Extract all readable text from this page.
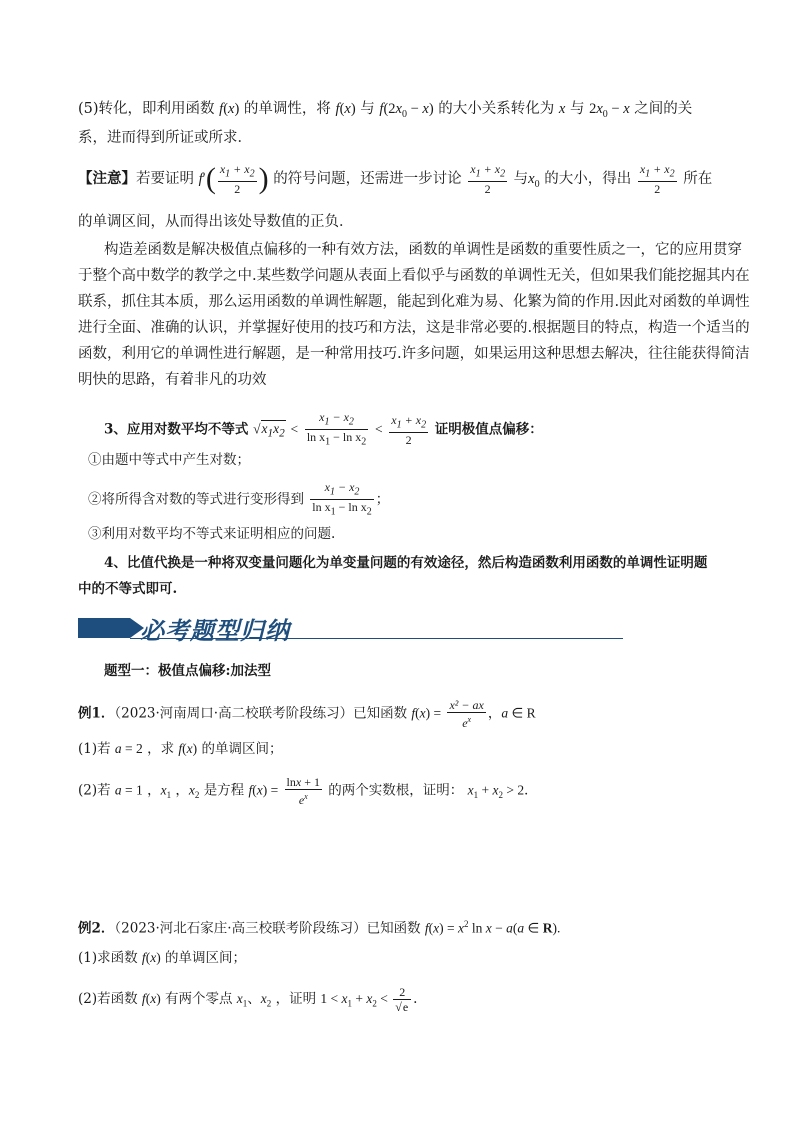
(5)转化，即利用函数 f(x) 的单调性，将 f(x) 与 $f(2x_0 - x)$ 的大小关系转化为 x 与 $2x_0 - x$ 之间的关
系，进而得到所证或所求．
【注意】若要证明 $f'( \frac{x_1 + x_2}{2}$ ) 的符号问题，还需进一步讨论 $\frac{x_1 + x_2}{2}$ 与$x_0$ 的大小，得出 $\frac{x_1 + x_2}{2}$ 所在
的单调区间，从而得出该处导数值的正负．
构造差函数是解决极值点偏移的一种有效方法，函数的单调性是函数的重要性质之一，它的应用贯穿
于整个高中数学的教学之中.某些数学问题从表面上看似乎与函数的单调性无关，但如果我们能挖掘其内在
联系，抓住其本质，那么运用函数的单调性解题，能起到化难为易、化繁为简的作用.因此对函数的单调性
进行全面、准确的认识，并掌握好使用的技巧和方法，这是非常必要的.根据题目的特点，构造一个适当的
函数，利用它的单调性进行解题，是一种常用技巧.许多问题，如果运用这种思想去解决，往往能获得简洁
明快的思路，有着非凡的功效
3、应用对数平均不等式 $√x_1x_2 < \frac{x_1 - x_2}{\ln x_1 - \ln x_2} < \frac{x_1 + x_2}{2}$ 证明极值点偏移：
①由题中等式中产生对数；
②将所得含对数的等式进行变形得到 $\frac{x_1 - x_2}{\ln x_1 - \ln x_2}$ ；
③利用对数平均不等式来证明相应的问题.
4、比值代换是一种将双变量问题化为单变量问题的有效途径，然后构造函数利用函数的单调性证明题
中的不等式即可.
必考题型归纳
题型一：极值点偏移:加法型
例1．（2023·河南周口·高二校联考阶段练习）已知函数 $f(x) = \frac{\text{x² − ax}}{e^x}$ ，a ∈ R
(1)若 a = 2 ，求 f(x) 的单调区间；
(2)若 a = 1 ，$x_1$ ，$x_2$ 是方程 $f(x) = \frac{\ln x + 1}{e^x}$ 的两个实数根，证明： $x_1 + x_2 > 2$．
例2．（2023·河北石家庄·高三校联考阶段练习）已知函数 $f(x) = x^2$ ln x − a(a ∈ R).
(1)求函数 f(x) 的单调区间；
(2)若函数 f(x) 有两个零点 $x_1$、$x_2$ ，证明 $1 < x_1 + x_2 < \frac{2}{√e}$ .
